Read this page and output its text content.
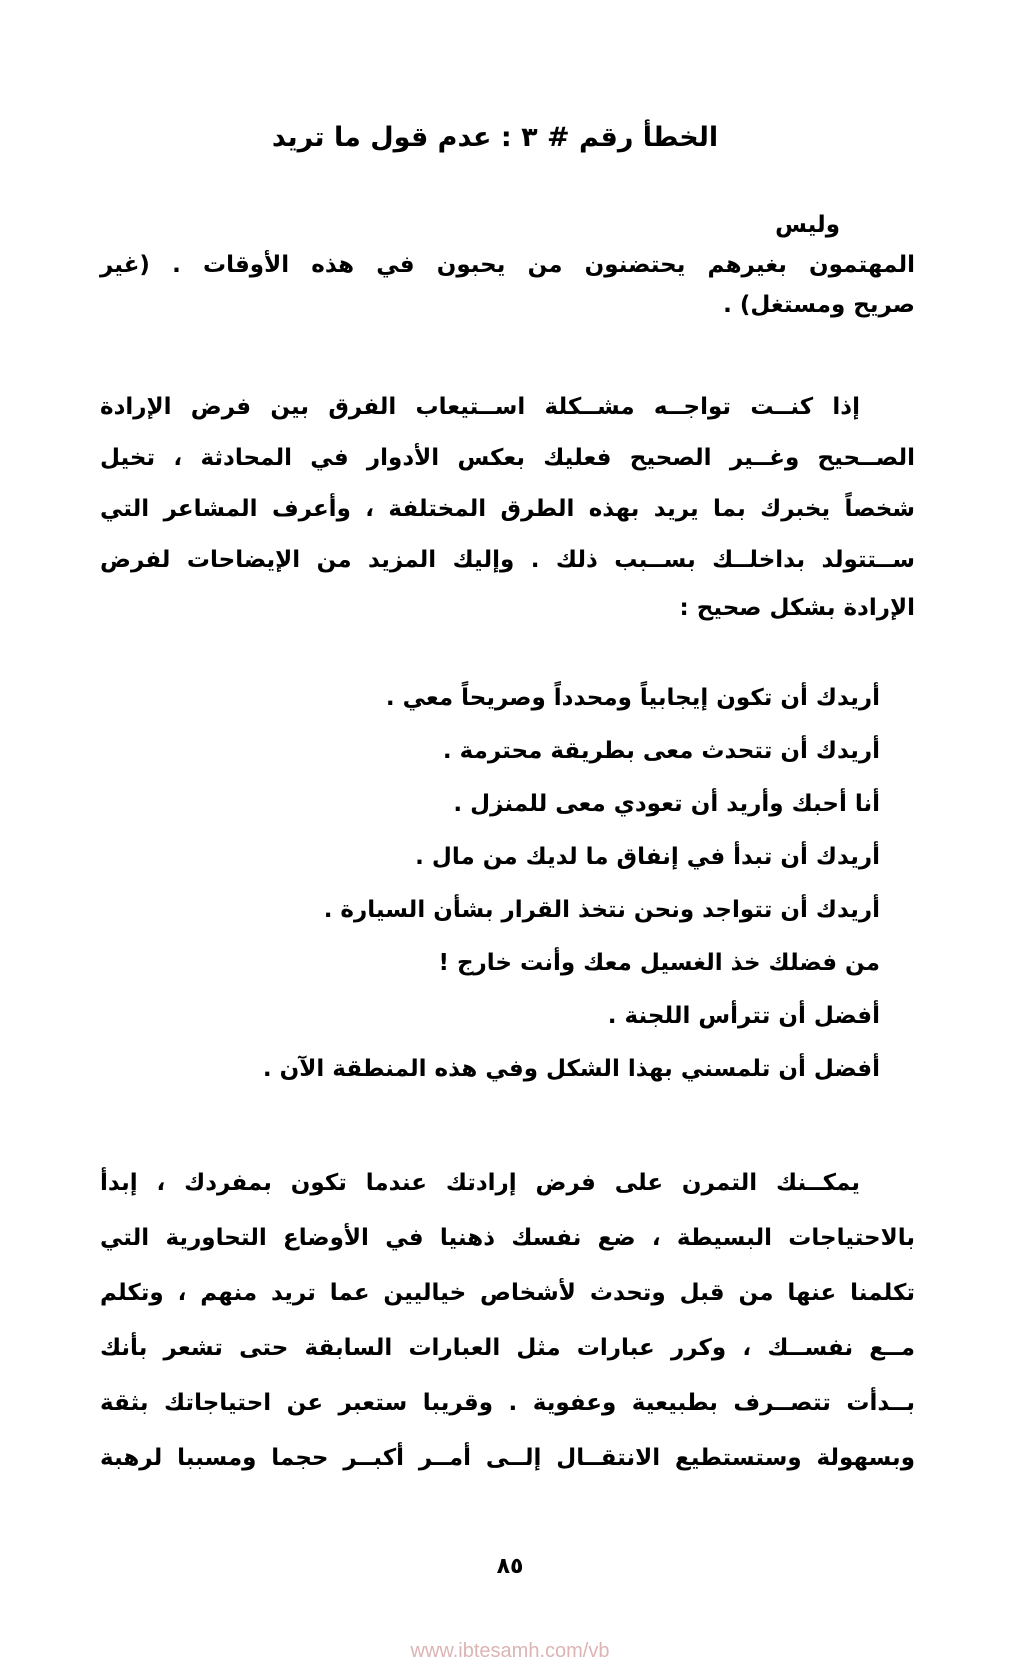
الخطأ رقم # ٣ : عدم قول ما تريد
وليس
المهتمون بغيرهم يحتضنون من يحبون في هذه الأوقات . (غير
صريح ومستغل) .
إذا كنــت تواجــه مشــكلة اســتيعاب الفرق بين فرض الإرادة
الصــحيح وغــير الصحيح فعليك بعكس الأدوار في المحادثة ، تخيل
شخصاً يخبرك بما يريد بهذه الطرق المختلفة ، وأعرف المشاعر التي
ســتتولد بداخلــك بســبب ذلك . وإليك المزيد من الإيضاحات لفرض
الإرادة بشكل صحيح :
أريدك أن تكون إيجابياً ومحدداً وصريحاً معي .
أريدك أن تتحدث معى بطريقة محترمة .
أنا أحبك وأريد أن تعودي معى للمنزل .
أريدك أن تبدأ في إنفاق ما لديك من مال .
أريدك أن تتواجد ونحن نتخذ القرار بشأن السيارة .
من فضلك خذ الغسيل معك وأنت خارج !
أفضل أن تترأس اللجنة .
أفضل أن تلمسني بهذا الشكل وفي هذه المنطقة الآن .
يمكــنك التمرن على فرض إرادتك عندما تكون بمفردك ، إبدأ
بالاحتياجات البسيطة ، ضع نفسك ذهنيا في الأوضاع التحاورية التي
تكلمنا عنها من قبل وتحدث لأشخاص خياليين عما تريد منهم ، وتكلم
مــع نفســك ، وكرر عبارات مثل العبارات السابقة حتى تشعر بأنك
بــدأت تتصــرف بطبيعية وعفوية . وقريبا ستعبر عن احتياجاتك بثقة
وبسهولة وستستطيع الانتقــال إلــى أمــر أكبــر حجما ومسببا لرهبة
٨٥
www.ibtesamh.com/vb
